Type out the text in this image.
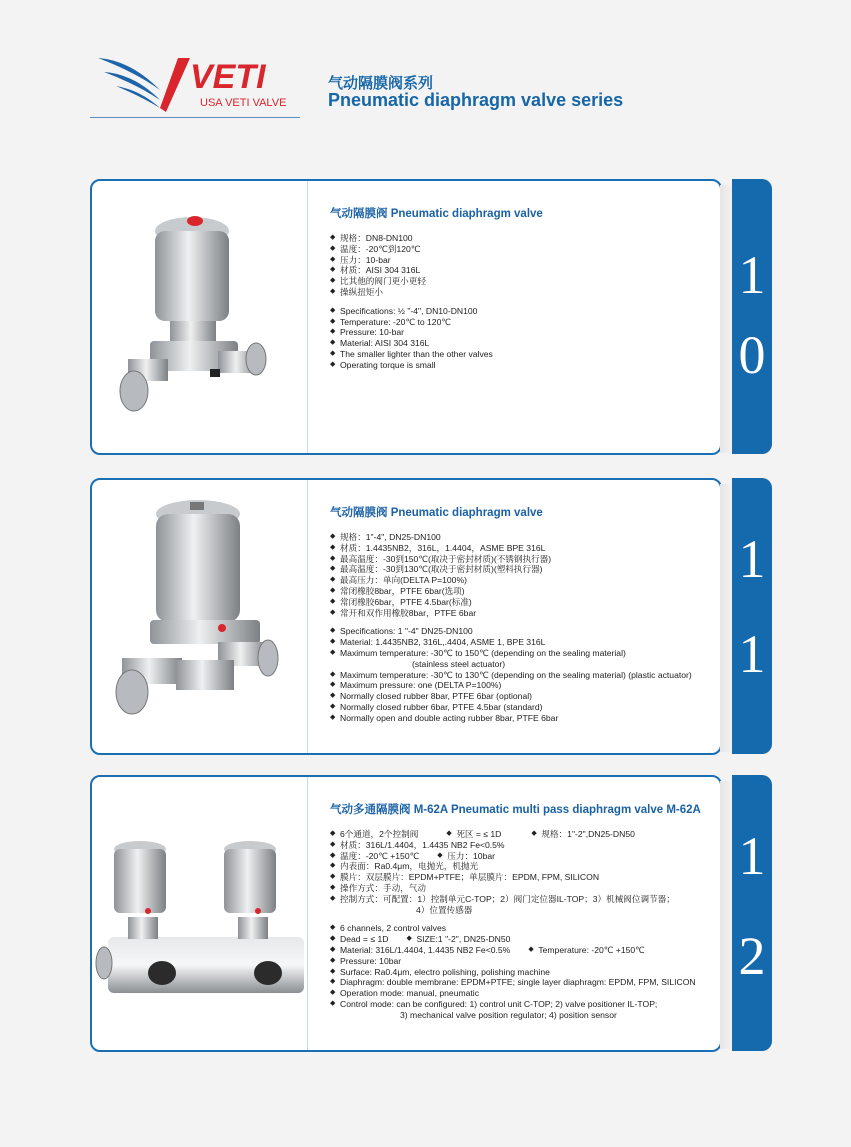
VETI
USA VETI VALVE
气动隔膜阀系列
Pneumatic diaphragm valve series
气动隔膜阀 Pneumatic diaphragm valve
◆ 规格：DN8-DN100
◆ 温度：-20℃到120℃
◆ 压力：10-bar
◆ 材质：AISI 304 316L
◆ 比其他的阀门更小更轻
◆ 操纵扭矩小
◆ Specifications: ½ "-4", DN10-DN100
◆ Temperature: -20℃ to 120℃
◆ Pressure: 10-bar
◆ Material: AISI 304 316L
◆ The smaller lighter than the other valves
◆ Operating torque is small
1
0
气动隔膜阀 Pneumatic diaphragm valve
◆ 规格：1"-4", DN25-DN100
◆ 材质：1.4435NB2，316L，1.4404，ASME BPE 316L
◆ 最高温度：-30到150℃(取决于密封材质)(不锈钢执行器)
◆ 最高温度：-30到130℃(取决于密封材质)(塑料执行器)
◆ 最高压力：单向(DELTA P=100%)
◆ 常闭橡胶8bar，PTFE 6bar(选项)
◆ 常闭橡胶6bar，PTFE 4.5bar(标准)
◆ 常开和双作用橡胶8bar，PTFE 6bar
◆ Specifications: 1 "-4" DN25-DN100
◆ Material: 1.4435NB2, 316L,.4404, ASME 1, BPE 316L
◆ Maximum temperature: -30℃ to 150℃ (depending on the sealing material)
(stainless steel actuator)
◆ Maximum temperature: -30℃ to 130℃ (depending on the sealing material) (plastic actuator)
◆ Maximum pressure: one (DELTA P=100%)
◆ Normally closed rubber 8bar, PTFE 6bar (optional)
◆ Normally closed rubber 6bar, PTFE 4.5bar (standard)
◆ Normally open and double acting rubber 8bar, PTFE 6bar
1
1
气动多通隔膜阀 M-62A Pneumatic multi pass diaphragm valve M-62A
◆ ◆ 6个通道，2个控制阀	◆ 死区 = ≤ 1D	◆ 规格：1"-2",DN25-DN50
◆ 材质：316L/1.4404，1.4435 NB2 Fe<0.5%
◆ ◆ 温度：-20℃ +150℃	◆ 压力：10bar
◆ 内表面：Ra0.4μm，电抛光，机抛光
◆ 膜片：双层膜片：EPDM+PTFE；单层膜片：EPDM, FPM, SILICON
◆ 操作方式：手动，气动
◆ 控制方式：可配置：1）控制单元C-TOP；2）阀门定位器IL-TOP；3）机械阀位调节器；
4）位置传感器
◆ 6 channels, 2 control valves
◆ ◆ Dead = ≤ 1D	◆ SIZE:1 "-2", DN25-DN50
◆ ◆ Material: 316L/1.4404, 1.4435 NB2 Fe<0.5%	◆ Temperature: -20℃ +150℃
◆ Pressure: 10bar
◆ Surface: Ra0.4μm, electro polishing, polishing machine
◆ Diaphragm: double membrane: EPDM+PTFE; single layer diaphragm: EPDM, FPM, SILICON
◆ Operation mode: manual, pneumatic
◆ Control mode: can be configured: 1) control unit C-TOP; 2) valve positioner IL-TOP;
3) mechanical valve position regulator; 4) position sensor
1
2
